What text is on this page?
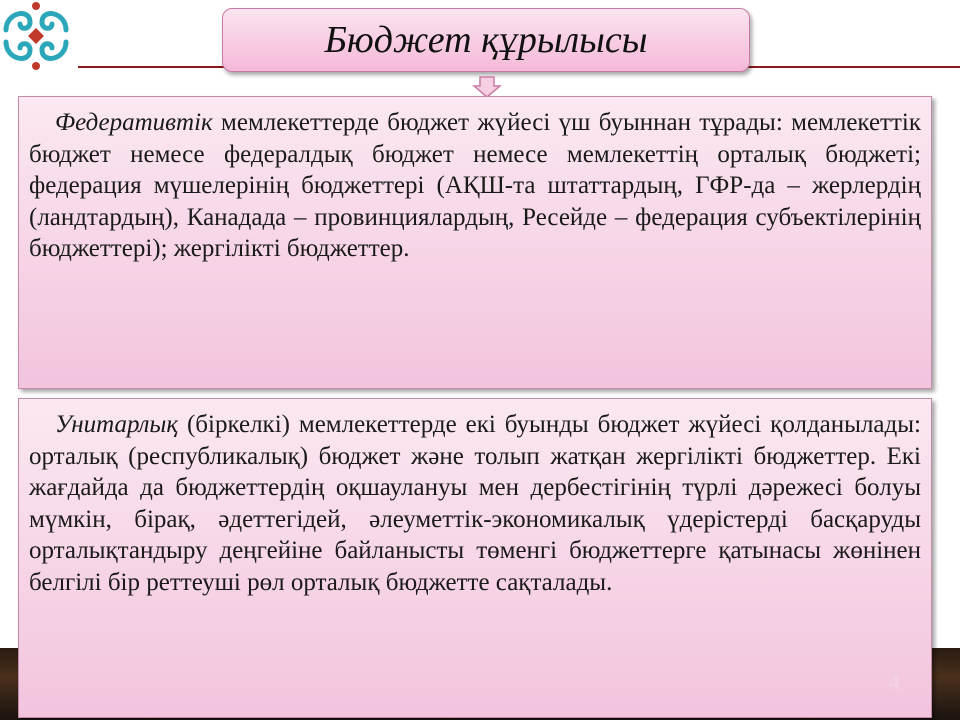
Бюджет құрылысы

Федеративтік мемлекеттерде бюджет жүйесі үш буыннан тұрады: мемлекеттік бюджет немесе федералдық бюджет немесе мемлекеттің орталық бюджеті; федерация мүшелерінің бюджеттері (АҚШ-та штаттардың, ГФР-да – жерлердің (ландтардың), Канадада – провинциялардың, Ресейде – федерация субъектілерінің бюджеттері); жергілікті бюджеттер.

Унитарлық (біркелкі) мемлекеттерде екі буынды бюджет жүйесі қолданылады: орталық (республикалық) бюджет және толып жатқан жергілікті бюджеттер. Екі жағдайда да бюджеттердің оқшаулануы мен дербестігінің түрлі дәрежесі болуы мүмкін, бірақ, әдеттегідей, әлеуметтік-экономикалық үдерістерді басқаруды орталықтандыру деңгейіне байланысты төменгі бюджеттерге қатынасы жөнінен белгілі бір реттеуші рөл орталық бюджетте сақталады.

4
